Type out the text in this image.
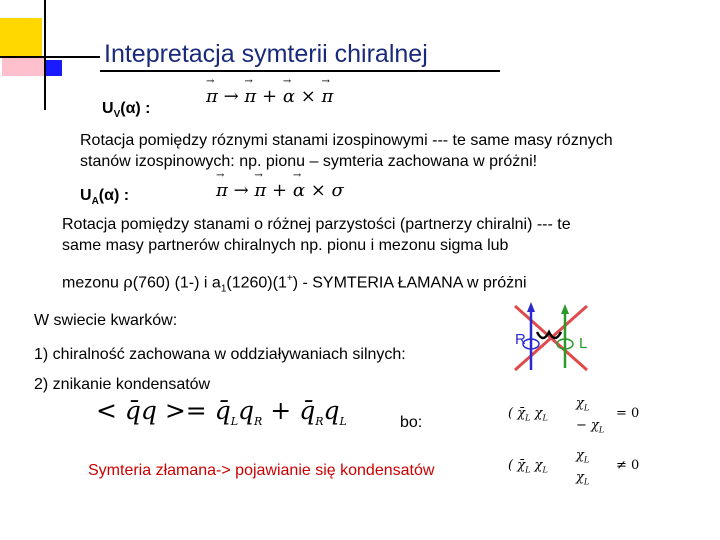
Intepretacja symterii chiralnej
$U_V(\alpha)$ :
→
π →
→
π +
→
α ×
→
π
Rotacja pomiędzy róznymi stanami izospinowymi --- te same masy róznych
stanów izospinowych: np. pionu – symteria zachowana w próżni!
$U_A(\alpha)$ :
→
π →
→
π +
→
α × σ
Rotacja pomiędzy stanami o różnej parzystości (partnerzy chiralni) --- te
same masy partnerów chiralnych np. pionu i mezonu sigma lub
mezonu ρ(760) (1-) i $a_1(1260)(1^+)$ - SYMTERIA ŁAMANA w próżni
W swiecie kwarków:
1) chiralność zachowana w oddziaływaniach silnych:
2) znikanie kondensatów
< q̄q >= $q̄_Lq_R$ + $q̄_Rq_L$	bo:
Symteria złamana-> pojawianie się kondensatów
( $\chī_L$ $\chi_L$
$\chi_L$
− $\chi_L$
= 0
( $\chī_L$ $\chi_L$
$\chi_L$
$\chi_L$
≠ 0
R	L
